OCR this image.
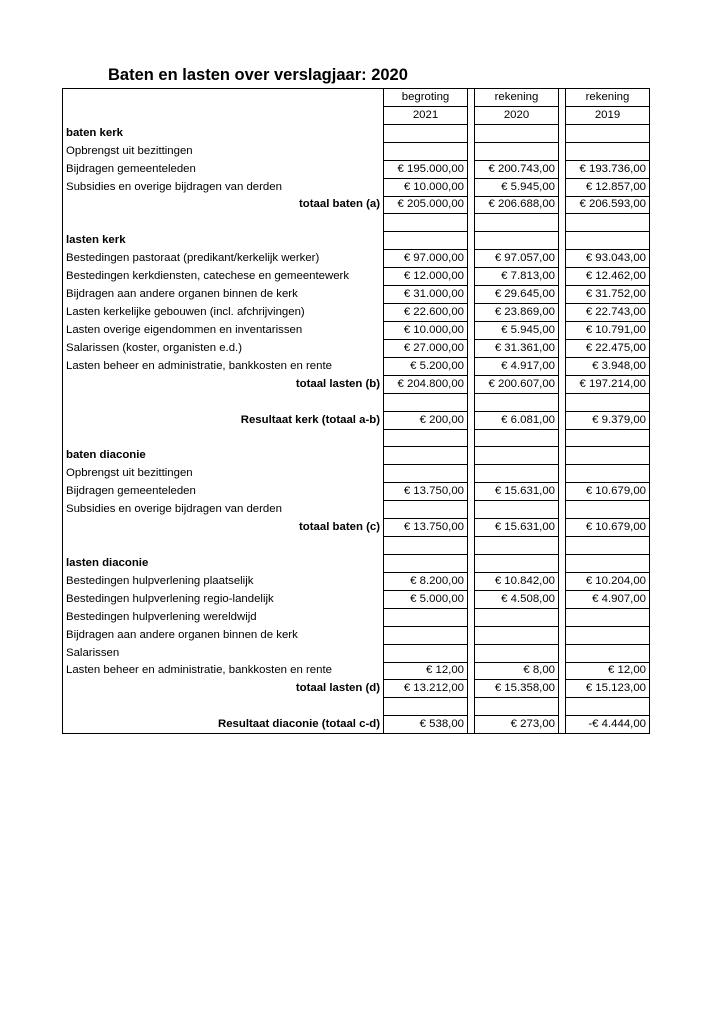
Baten en lasten over verslagjaar: 2020
	begroting		rekening		rekening
	2021		2020		2019
baten kerk					
Opbrengst uit bezittingen					
Bijdragen gemeenteleden	€ 195.000,00		€ 200.743,00		€ 193.736,00
Subsidies en overige bijdragen van derden	€ 10.000,00		€ 5.945,00		€ 12.857,00
totaal baten (a)	€ 205.000,00		€ 206.688,00		€ 206.593,00

lasten kerk					
Bestedingen pastoraat (predikant/kerkelijk werker)	€ 97.000,00		€ 97.057,00		€ 93.043,00
Bestedingen kerkdiensten, catechese en gemeentewerk	€ 12.000,00		€ 7.813,00		€ 12.462,00
Bijdragen aan andere organen binnen de kerk	€ 31.000,00		€ 29.645,00		€ 31.752,00
Lasten kerkelijke gebouwen (incl. afchrijvingen)	€ 22.600,00		€ 23.869,00		€ 22.743,00
Lasten overige eigendommen en inventarissen	€ 10.000,00		€ 5.945,00		€ 10.791,00
Salarissen (koster, organisten e.d.)	€ 27.000,00		€ 31.361,00		€ 22.475,00
Lasten beheer en administratie, bankkosten en rente	€ 5.200,00		€ 4.917,00		€ 3.948,00
totaal lasten (b)	€ 204.800,00		€ 200.607,00		€ 197.214,00

Resultaat kerk (totaal a-b)	€ 200,00		€ 6.081,00		€ 9.379,00

baten diaconie					
Opbrengst uit bezittingen					
Bijdragen gemeenteleden	€ 13.750,00		€ 15.631,00		€ 10.679,00
Subsidies en overige bijdragen van derden					
totaal baten (c)	€ 13.750,00		€ 15.631,00		€ 10.679,00

lasten diaconie					
Bestedingen hulpverlening plaatselijk	€ 8.200,00		€ 10.842,00		€ 10.204,00
Bestedingen hulpverlening regio-landelijk	€ 5.000,00		€ 4.508,00		€ 4.907,00
Bestedingen hulpverlening wereldwijd					
Bijdragen aan andere organen binnen de kerk					
Salarissen					
Lasten beheer en administratie, bankkosten en rente	€ 12,00		€ 8,00		€ 12,00
totaal lasten (d)	€ 13.212,00		€ 15.358,00		€ 15.123,00

Resultaat diaconie (totaal c-d)	€ 538,00		€ 273,00		-€ 4.444,00
